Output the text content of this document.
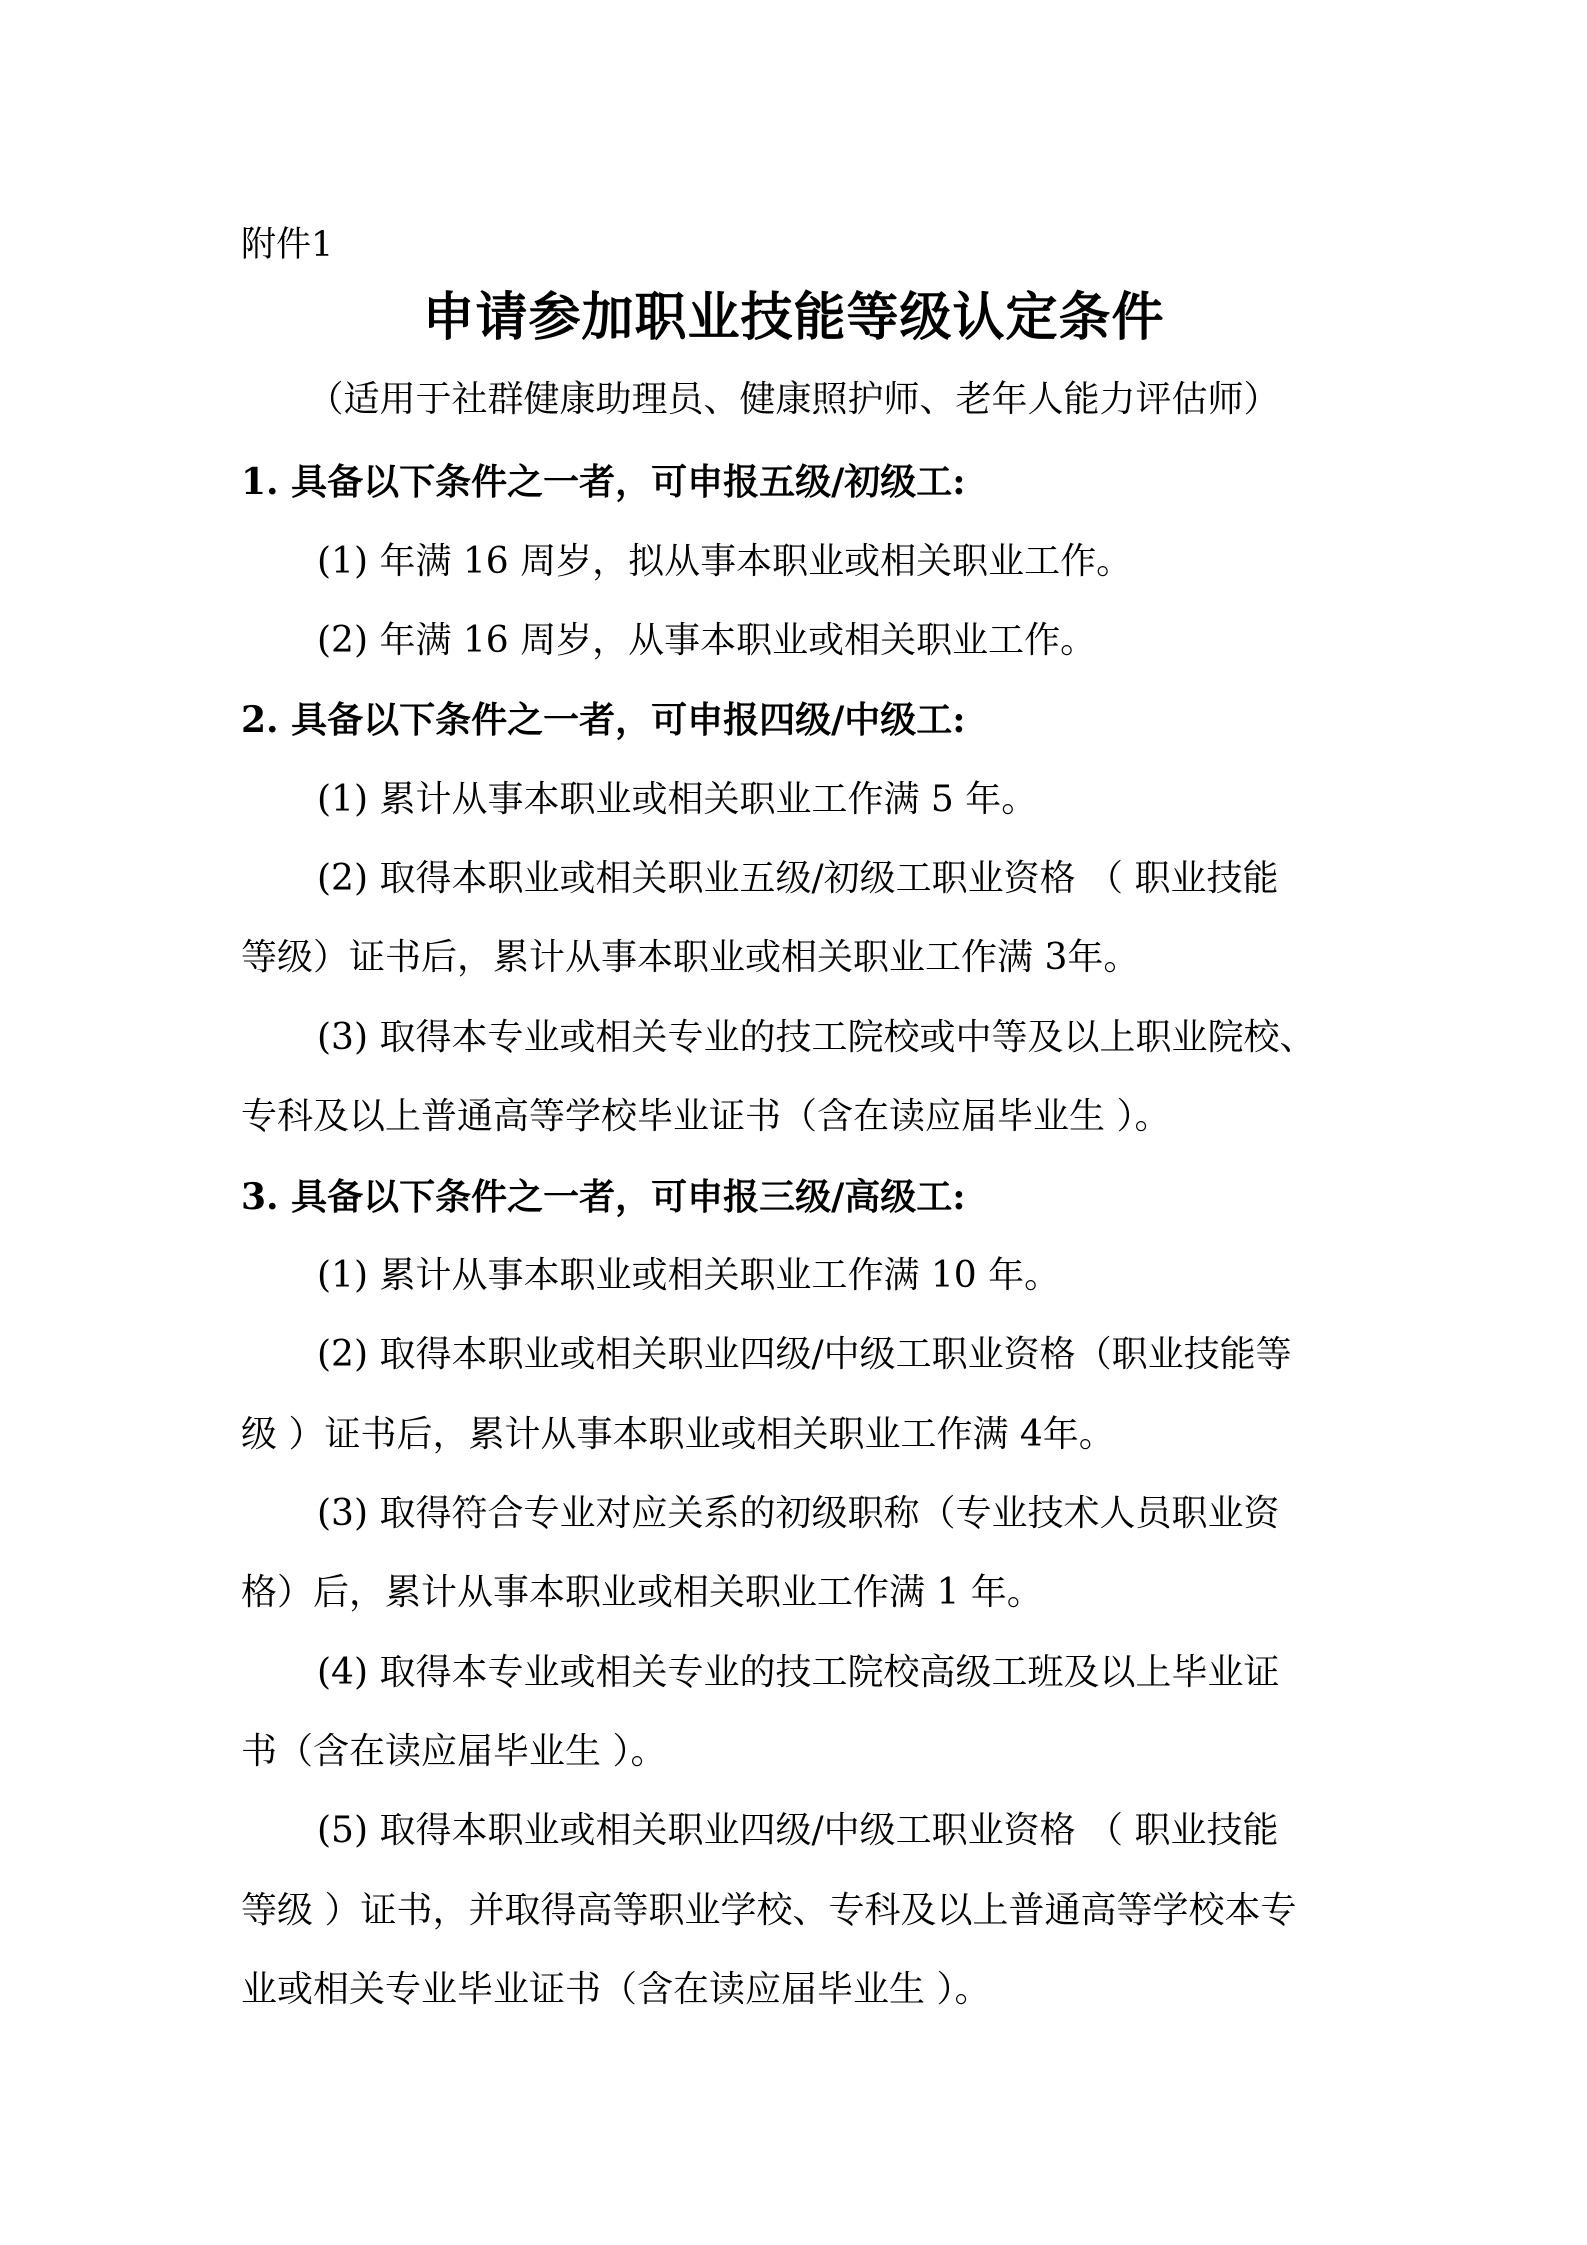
附件1
申请参加职业技能等级认定条件
（适用于社群健康助理员、健康照护师、老年人能力评估师）
1. 具备以下条件之一者，可申报五级/初级工:
(1) 年满 16 周岁，拟从事本职业或相关职业工作。
(2) 年满 16 周岁，从事本职业或相关职业工作。
2. 具备以下条件之一者，可申报四级/中级工:
(1) 累计从事本职业或相关职业工作满 5 年。
(2) 取得本职业或相关职业五级/初级工职业资格 （ 职业技能
等级）证书后，累计从事本职业或相关职业工作满 3年。
(3) 取得本专业或相关专业的技工院校或中等及以上职业院校、
专科及以上普通高等学校毕业证书（含在读应届毕业生 ）。
3. 具备以下条件之一者，可申报三级/高级工:
(1) 累计从事本职业或相关职业工作满 10 年。
(2) 取得本职业或相关职业四级/中级工职业资格（职业技能等
级 ）证书后，累计从事本职业或相关职业工作满 4年。
(3) 取得符合专业对应关系的初级职称（专业技术人员职业资
格）后，累计从事本职业或相关职业工作满 1 年。
(4) 取得本专业或相关专业的技工院校高级工班及以上毕业证
书（含在读应届毕业生 ）。
(5) 取得本职业或相关职业四级/中级工职业资格 （ 职业技能
等级 ）证书，并取得高等职业学校、专科及以上普通高等学校本专
业或相关专业毕业证书（含在读应届毕业生 ）。
